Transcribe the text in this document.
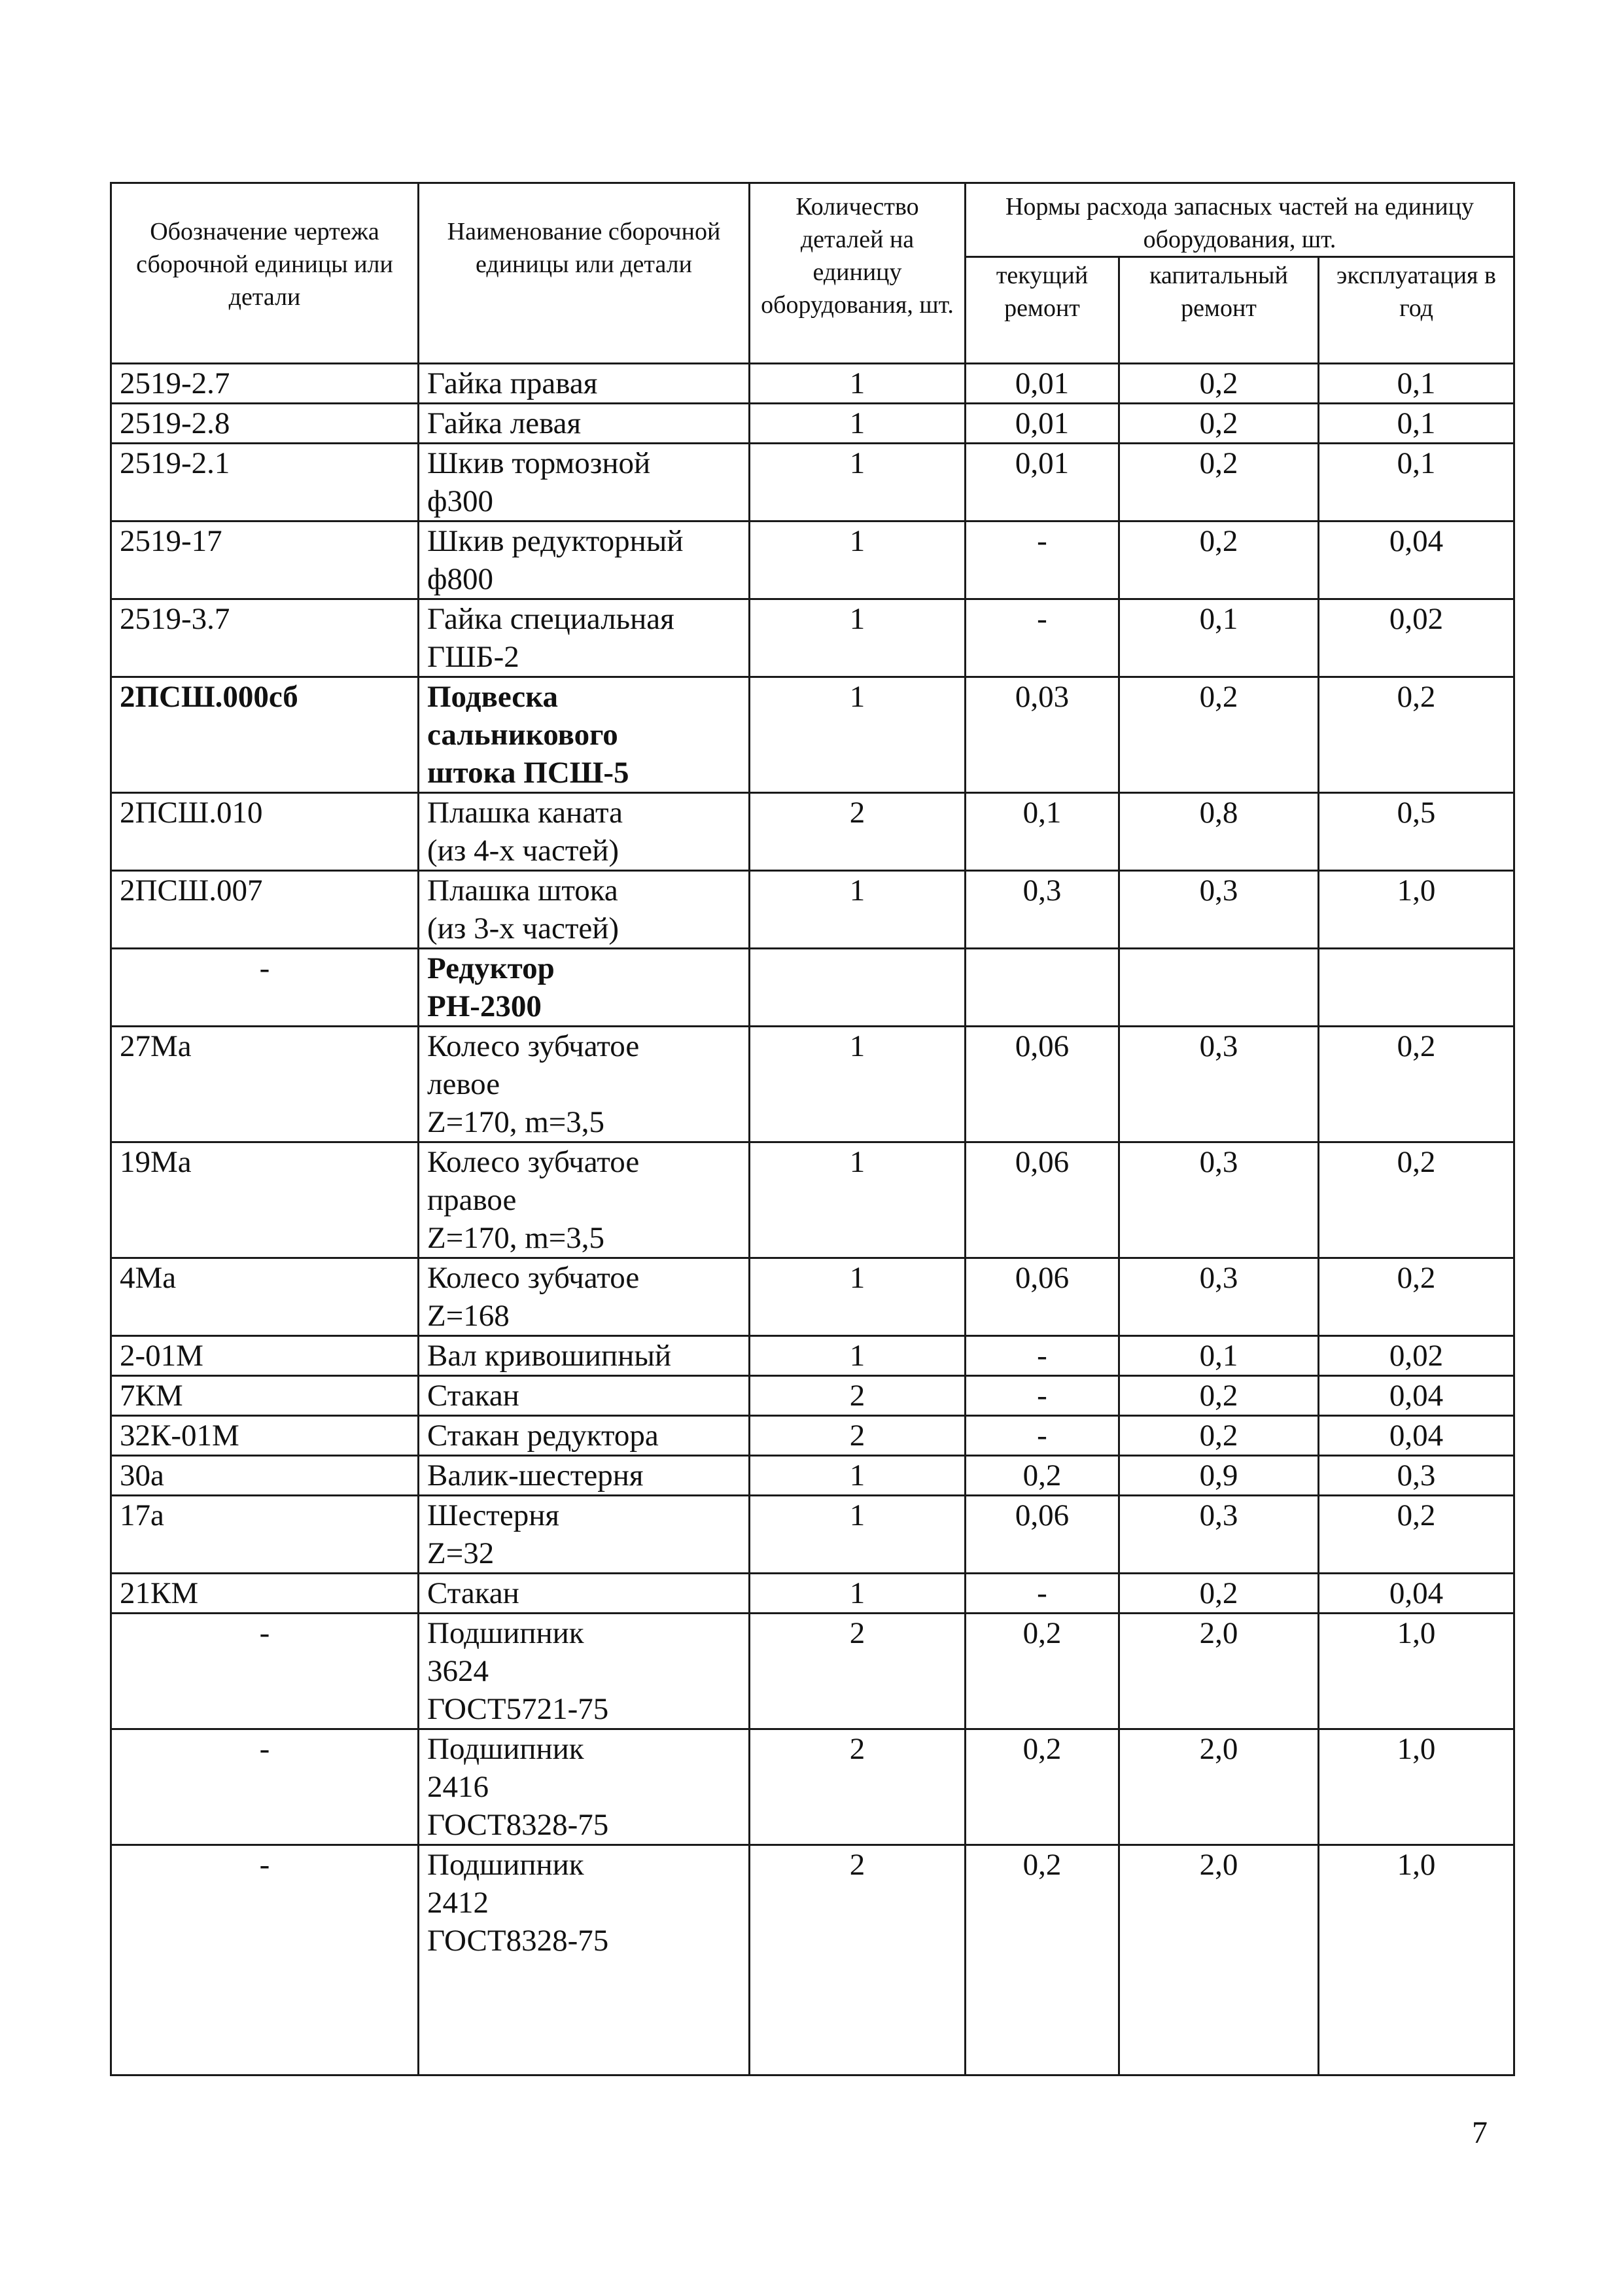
Обозначение чертежа сборочной единицы или детали	Наименование сборочной единицы или детали	Количество деталей на единицу оборудования, шт.	Нормы расхода запасных частей на единицу оборудования, шт.		
			текущий ремонт	капитальный ремонт	эксплуатация в год
2519-2.7	Гайка правая	1	0,01	0,2	0,1
2519-2.8	Гайка левая	1	0,01	0,2	0,1
2519-2.1	Шкив тормозной
ф300	1	0,01	0,2	0,1
2519-17	Шкив редукторный
ф800	1	-	0,2	0,04
2519-3.7	Гайка специальная
ГШБ-2	1	-	0,1	0,02
2ПСШ.000сб	Подвеска
сальникового
штока ПСШ-5	1	0,03	0,2	0,2
2ПСШ.010	Плашка каната
(из 4-х частей)	2	0,1	0,8	0,5
2ПСШ.007	Плашка штока
(из 3-х частей)	1	0,3	0,3	1,0
-	Редуктор
РН-2300				

27Ма	Колесо зубчатое
левое
Z=170, m=3,5	1	0,06	0,3	0,2
19Ма	Колесо зубчатое
правое
Z=170, m=3,5	1	0,06	0,3	0,2
4Ма	Колесо зубчатое
Z=168	1	0,06	0,3	0,2
2-01М	Вал кривошипный	1	-	0,1	0,02
7КМ	Стакан	2	-	0,2	0,04
32К-01М	Стакан редуктора	2	-	0,2	0,04
30а	Валик-шестерня	1	0,2	0,9	0,3
17а	Шестерня
Z=32	1	0,06	0,3	0,2
21КМ	Стакан	1	-	0,2	0,04
-	Подшипник
3624
ГОСТ5721-75	2	0,2	2,0	1,0
-	Подшипник
2416
ГОСТ8328-75	2	0,2	2,0	1,0
-	Подшипник
2412
ГОСТ8328-75	2	0,2	2,0	1,0
7
